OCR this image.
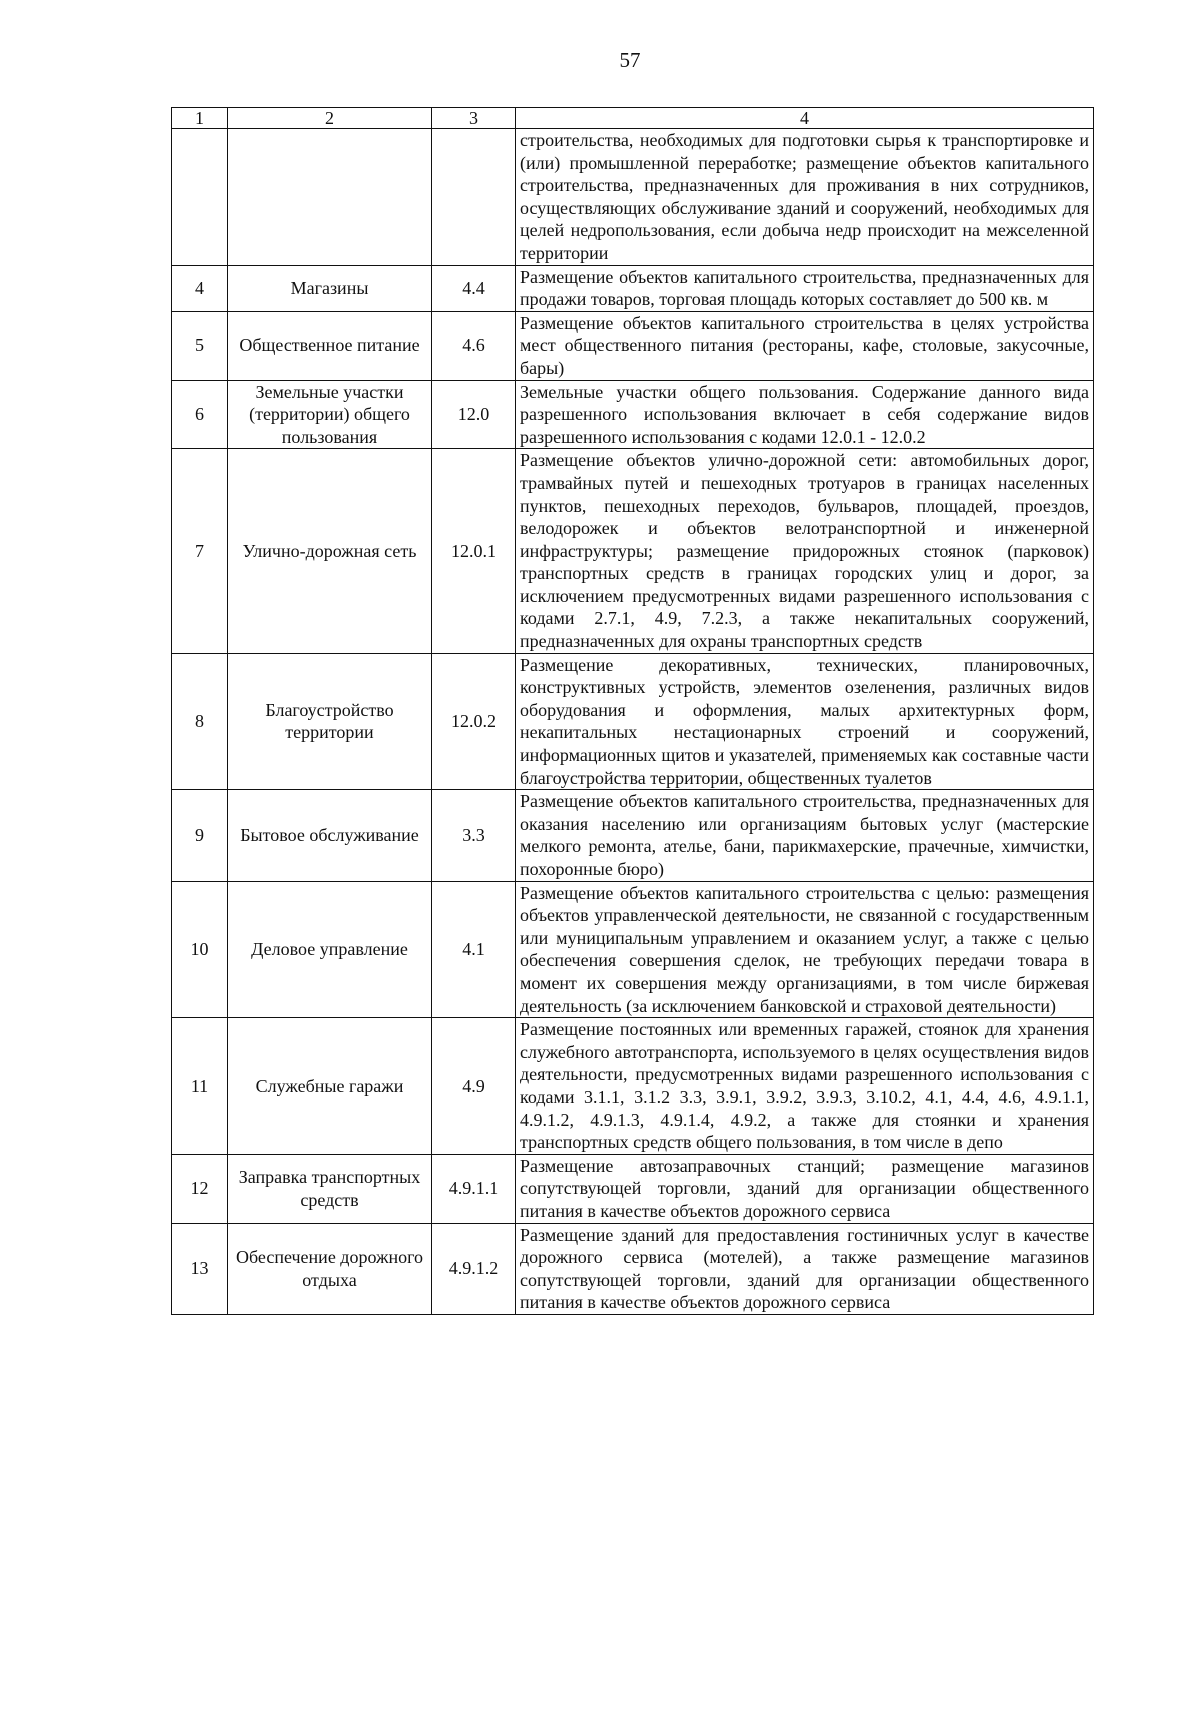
57
1	2	3	4
			строительства, необходимых для подготовки сырья к транспортировке и (или) промышленной переработке; размещение объектов капитального строительства, предназначенных для проживания в них сотрудников, осуществляющих обслуживание зданий и сооружений, необходимых для целей недропользования, если добыча недр происходит на межселенной территории
4	Магазины	4.4	Размещение объектов капитального строительства, предназначенных для продажи товаров, торговая площадь которых составляет до 500 кв. м
5	Общественное питание	4.6	Размещение объектов капитального строительства в целях устройства мест общественного питания (рестораны, кафе, столовые, закусочные, бары)
6	Земельные участки (территории) общего пользования	12.0	Земельные участки общего пользования. Содержание данного вида разрешенного использования включает в себя содержание видов разрешенного использования с кодами 12.0.1 - 12.0.2
7	Улично-дорожная сеть	12.0.1	Размещение объектов улично-дорожной сети: автомобильных дорог, трамвайных путей и пешеходных тротуаров в границах населенных пунктов, пешеходных переходов, бульваров, площадей, проездов, велодорожек и объектов велотранспортной и инженерной инфраструктуры; размещение придорожных стоянок (парковок) транспортных средств в границах городских улиц и дорог, за исключением предусмотренных видами разрешенного использования с кодами 2.7.1, 4.9, 7.2.3, а также некапитальных сооружений, предназначенных для охраны транспортных средств
8	Благоустройство территории	12.0.2	Размещение декоративных, технических, планировочных, конструктивных устройств, элементов озеленения, различных видов оборудования и оформления, малых архитектурных форм, некапитальных нестационарных строений и сооружений, информационных щитов и указателей, применяемых как составные части благоустройства территории, общественных туалетов
9	Бытовое обслуживание	3.3	Размещение объектов капитального строительства, предназначенных для оказания населению или организациям бытовых услуг (мастерские мелкого ремонта, ателье, бани, парикмахерские, прачечные, химчистки, похоронные бюро)
10	Деловое управление	4.1	Размещение объектов капитального строительства с целью: размещения объектов управленческой деятельности, не связанной с государственным или муниципальным управлением и оказанием услуг, а также с целью обеспечения совершения сделок, не требующих передачи товара в момент их совершения между организациями, в том числе биржевая деятельность (за исключением банковской и страховой деятельности)
11	Служебные гаражи	4.9	Размещение постоянных или временных гаражей, стоянок для хранения служебного автотранспорта, используемого в целях осуществления видов деятельности, предусмотренных видами разрешенного использования с кодами 3.1.1, 3.1.2 3.3, 3.9.1, 3.9.2, 3.9.3, 3.10.2, 4.1, 4.4, 4.6, 4.9.1.1, 4.9.1.2, 4.9.1.3, 4.9.1.4, 4.9.2, а также для стоянки и хранения транспортных средств общего пользования, в том числе в депо
12	Заправка транспортных средств	4.9.1.1	Размещение автозаправочных станций; размещение магазинов сопутствующей торговли, зданий для организации общественного питания в качестве объектов дорожного сервиса
13	Обеспечение дорожного отдыха	4.9.1.2	Размещение зданий для предоставления гостиничных услуг в качестве дорожного сервиса (мотелей), а также размещение магазинов сопутствующей торговли, зданий для организации общественного питания в качестве объектов дорожного сервиса
